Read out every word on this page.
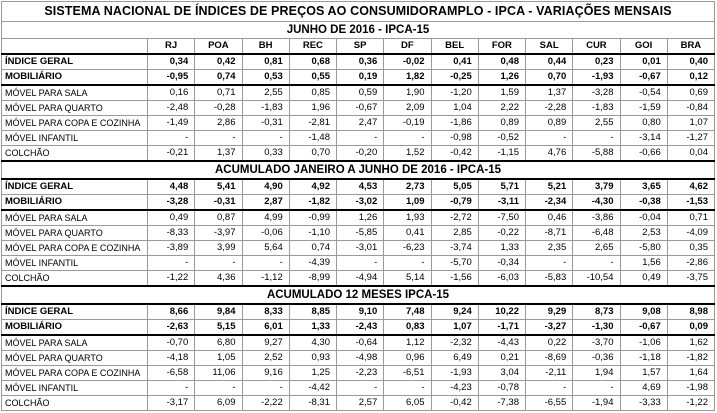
SISTEMA NACIONAL DE ÍNDICES DE PREÇOS AO CONSUMIDORAMPLO - IPCA - VARIAÇÕES MENSAIS												
JUNHO DE 2016 - IPCA-15												
	RJ	POA	BH	REC	SP	DF	BEL	FOR	SAL	CUR	GOI	BRA
ÍNDICE GERAL	0,34	0,42	0,81	0,68	0,36	-0,02	0,41	0,48	0,44	0,23	0,01	0,40
MOBILIÁRIO	-0,95	0,74	0,53	0,55	0,19	1,82	-0,25	1,26	0,70	-1,93	-0,67	0,12
MÓVEL PARA SALA	0,16	0,71	2,55	0,85	0,59	1,90	-1,20	1,59	1,37	-3,28	-0,54	0,69
MÓVEL PARA QUARTO	-2,48	-0,28	-1,83	1,96	-0,67	2,09	1,04	2,22	-2,28	-1,83	-1,59	-0,84
MÓVEL PARA COPA E COZINHA	-1,49	2,86	-0,31	-2,81	2,47	-0,19	-1,86	0,89	0,89	2,55	0,80	1,07
MÓVEL INFANTIL	-	-	-	-1,48	-	-	-0,98	-0,52	-	-	-3,14	-1,27
COLCHÃO	-0,21	1,37	0,33	0,70	-0,20	1,52	-0,42	-1,15	4,76	-5,88	-0,66	0,04
ACUMULADO JANEIRO A JUNHO DE 2016 - IPCA-15												
ÍNDICE GERAL	4,48	5,41	4,90	4,92	4,53	2,73	5,05	5,71	5,21	3,79	3,65	4,62
MOBILIÁRIO	-3,28	-0,31	2,87	-1,82	-3,02	1,09	-0,79	-3,11	-2,34	-4,30	-0,38	-1,53
MÓVEL PARA SALA	0,49	0,87	4,99	-0,99	1,26	1,93	-2,72	-7,50	0,46	-3,86	-0,04	0,71
MÓVEL PARA QUARTO	-8,33	-3,97	-0,06	-1,10	-5,85	0,41	2,85	-0,22	-8,71	-6,48	2,53	-4,09
MÓVEL PARA COPA E COZINHA	-3,89	3,99	5,64	0,74	-3,01	-6,23	-3,74	1,33	2,35	2,65	-5,80	0,35
MÓVEL INFANTIL	-	-	-	-4,39	-	-	-5,70	-0,34	-	-	1,56	-2,86
COLCHÃO	-1,22	4,36	-1,12	-8,99	-4,94	5,14	-1,56	-6,03	-5,83	-10,54	0,49	-3,75
ACUMULADO 12 MESES IPCA-15												
ÍNDICE GERAL	8,66	9,84	8,33	8,85	9,10	7,48	9,24	10,22	9,29	8,73	9,08	8,98
MOBILIÁRIO	-2,63	5,15	6,01	1,33	-2,43	0,83	1,07	-1,71	-3,27	-1,30	-0,67	0,09
MÓVEL PARA SALA	-0,70	6,80	9,27	4,30	-0,64	1,12	-2,32	-4,43	0,22	-3,70	-1,06	1,62
MÓVEL PARA QUARTO	-4,18	1,05	2,52	0,93	-4,98	0,96	6,49	0,21	-8,69	-0,36	-1,18	-1,82
MÓVEL PARA COPA E COZINHA	-6,58	11,06	9,16	1,25	-2,23	-6,51	-1,93	3,04	-2,11	1,94	1,57	1,64
MÓVEL INFANTIL	-	-	-	-4,42	-	-	-4,23	-0,78	-	-	4,69	-1,98
COLCHÃO	-3,17	6,09	-2,22	-8,31	2,57	6,05	-0,42	-7,38	-6,55	-1,94	-3,33	-1,22
